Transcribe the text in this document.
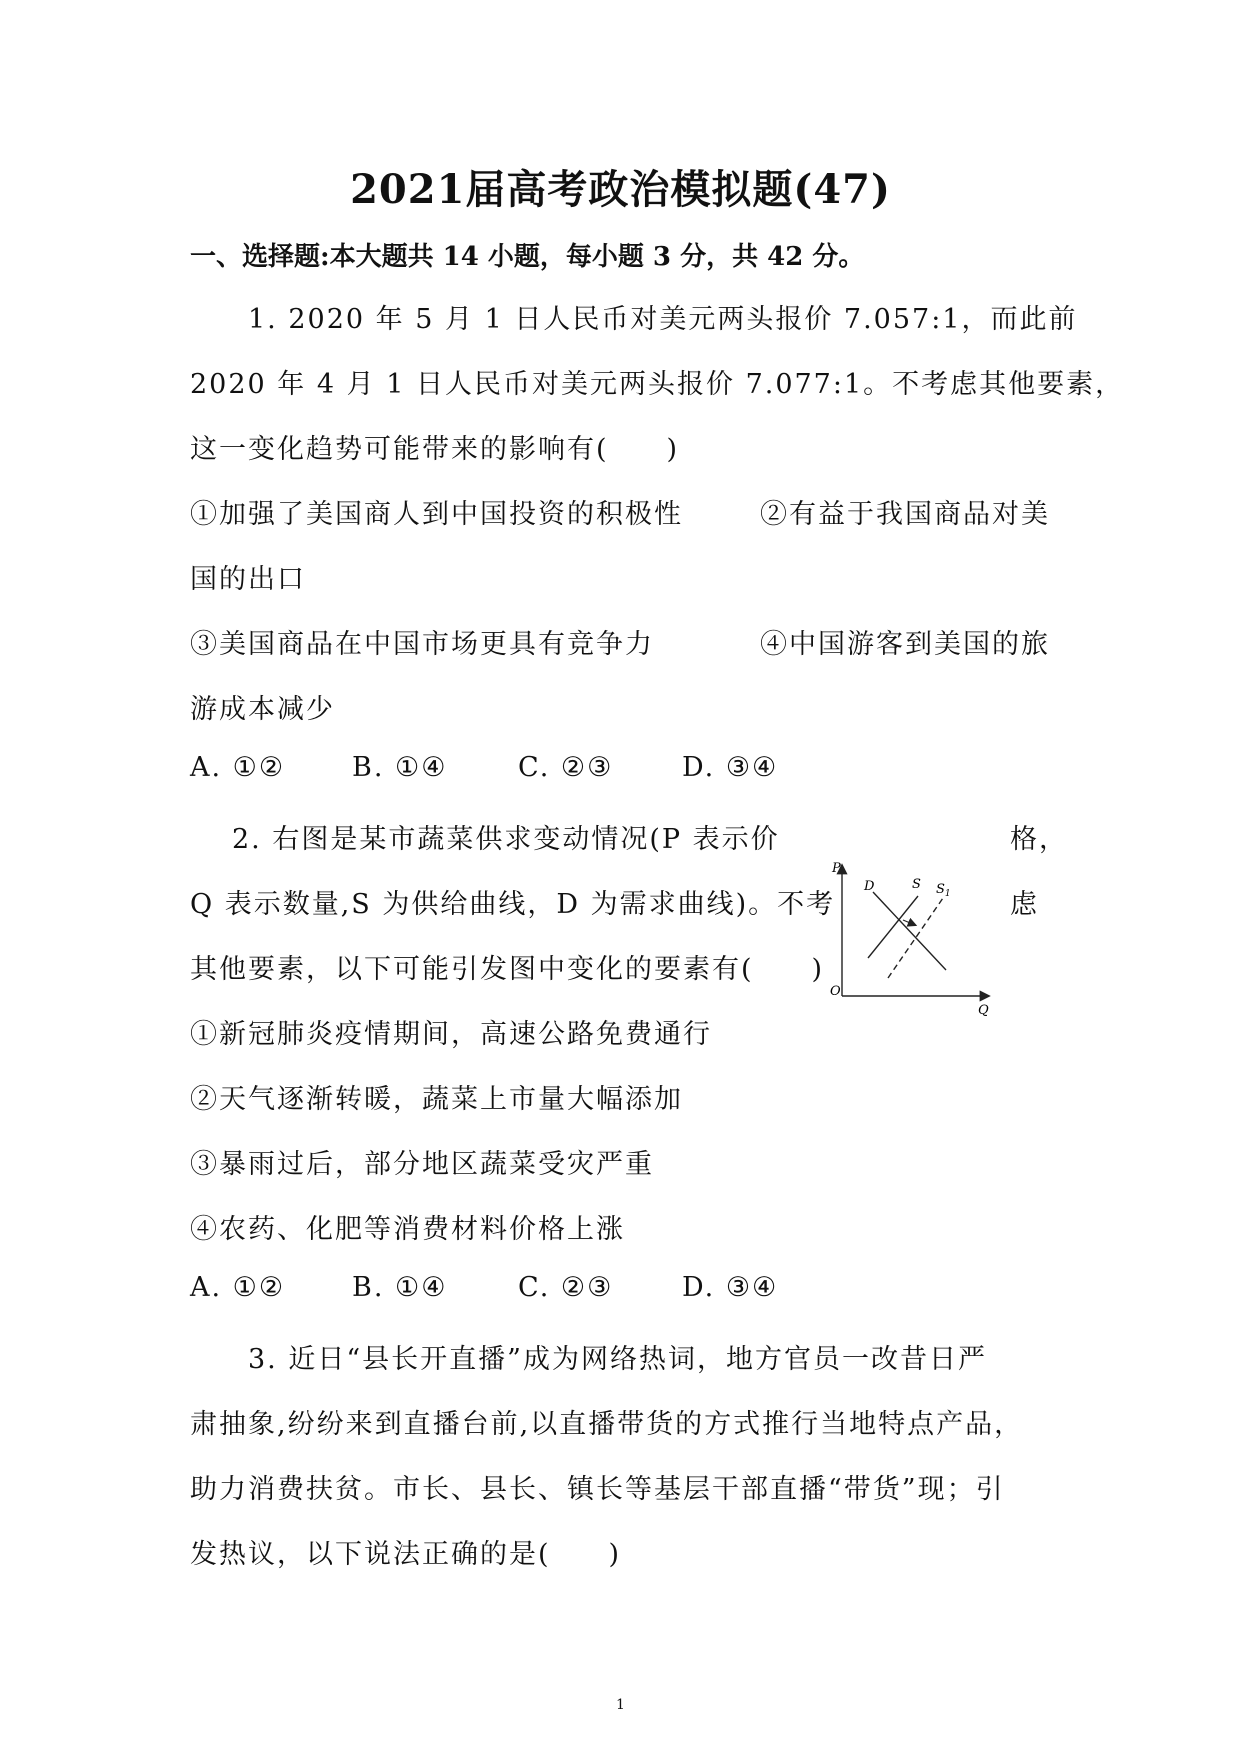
2021届高考政治模拟题(47)
一、选择题:本大题共 14 小题，每小题 3 分，共 42 分。
1. 2020 年 5 月 1 日人民币对美元两头报价 7.057:1，而此前
2020 年 4 月 1 日人民币对美元两头报价 7.077:1。不考虑其他要素，
这一变化趋势可能带来的影响有(　　)
①加强了美国商人到中国投资的积极性	②有益于我国商品对美
国的出口
③美国商品在中国市场更具有竞争力	④中国游客到美国的旅
游成本减少
A. ①② B. ①④	C. ②③	D. ③④
2. 右图是某市蔬菜供求变动情况(P 表示价	格，
Q 表示数量,S 为供给曲线，D 为需求曲线)。不考	虑
其他要素，以下可能引发图中变化的要素有(　　)
①新冠肺炎疫情期间，高速公路免费通行
②天气逐渐转暖，蔬菜上市量大幅添加
③暴雨过后，部分地区蔬菜受灾严重
④农药、化肥等消费材料价格上涨
A. ①② B. ①④	C. ②③	D. ③④
P
Q
O
D	S $S_1$
3. 近日“县长开直播”成为网络热词，地方官员一改昔日严
肃抽象,纷纷来到直播台前,以直播带货的方式推行当地特点产品，
助力消费扶贫。市长、县长、镇长等基层干部直播“带货”现；引
发热议，以下说法正确的是(　　)
1
